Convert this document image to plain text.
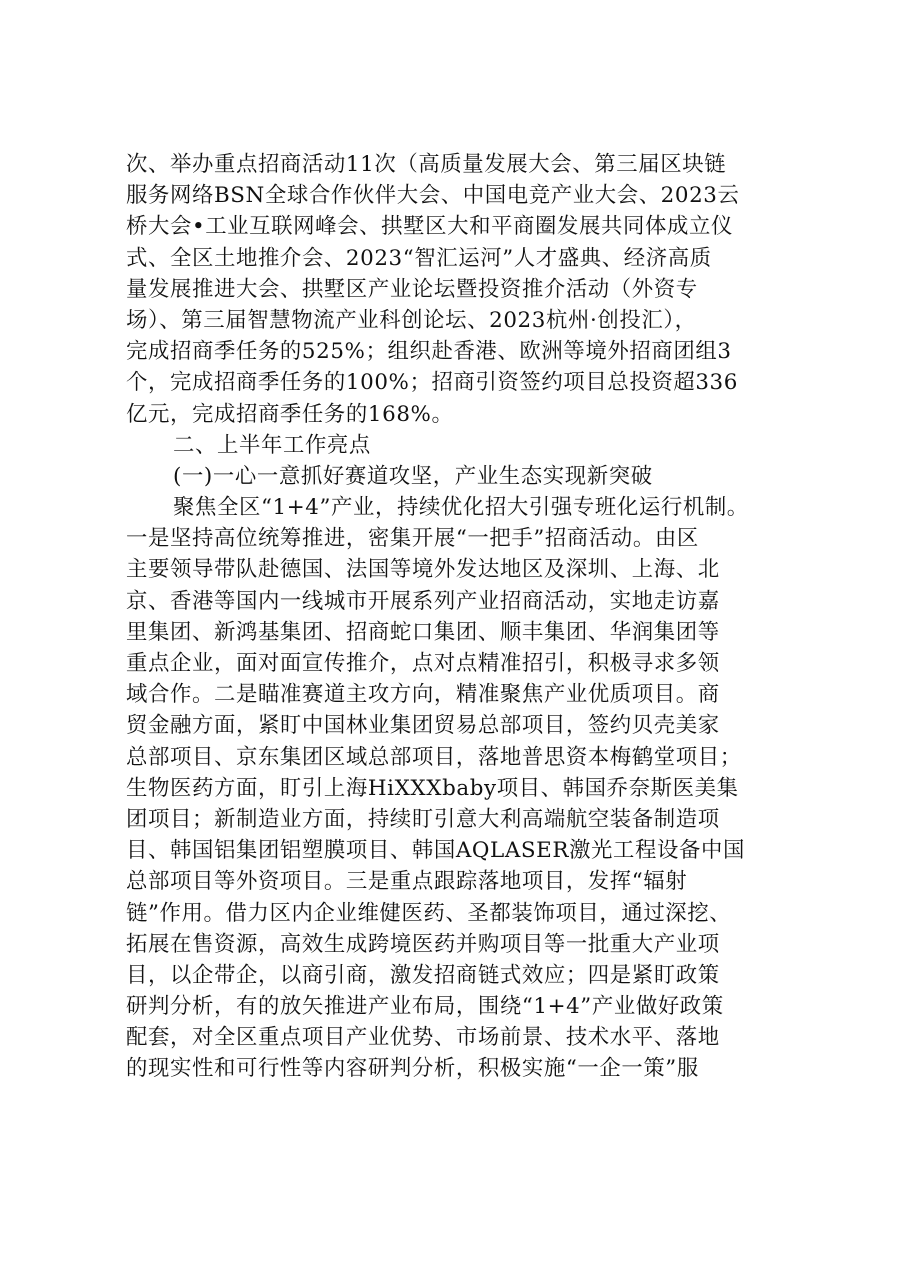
次、举办重点招商活动11次（高质量发展大会、第三届区块链
服务网络BSN全球合作伙伴大会、中国电竞产业大会、2023云
桥大会•工业互联网峰会、拱墅区大和平商圈发展共同体成立仪
式、全区土地推介会、2023“智汇运河”人才盛典、经济高质
量发展推进大会、拱墅区产业论坛暨投资推介活动（外资专
场）、第三届智慧物流产业科创论坛、2023杭州·创投汇），
完成招商季任务的525%；组织赴香港、欧洲等境外招商团组3
个，完成招商季任务的100%；招商引资签约项目总投资超336
亿元，完成招商季任务的168%。
二、上半年工作亮点
(一)一心一意抓好赛道攻坚，产业生态实现新突破
聚焦全区“1+4”产业，持续优化招大引强专班化运行机制。
一是坚持高位统筹推进，密集开展“一把手”招商活动。由区
主要领导带队赴德国、法国等境外发达地区及深圳、上海、北
京、香港等国内一线城市开展系列产业招商活动，实地走访嘉
里集团、新鸿基集团、招商蛇口集团、顺丰集团、华润集团等
重点企业，面对面宣传推介，点对点精准招引，积极寻求多领
域合作。二是瞄准赛道主攻方向，精准聚焦产业优质项目。商
贸金融方面，紧盯中国林业集团贸易总部项目，签约贝壳美家
总部项目、京东集团区域总部项目，落地普思资本梅鹤堂项目；
生物医药方面，盯引上海HiXXXbaby项目、韩国乔奈斯医美集
团项目；新制造业方面，持续盯引意大利高端航空装备制造项
目、韩国铝集团铝塑膜项目、韩国AQLASER激光工程设备中国
总部项目等外资项目。三是重点跟踪落地项目，发挥“辐射
链”作用。借力区内企业维健医药、圣都装饰项目，通过深挖、
拓展在售资源，高效生成跨境医药并购项目等一批重大产业项
目，以企带企，以商引商，激发招商链式效应；四是紧盯政策
研判分析，有的放矢推进产业布局，围绕“1+4”产业做好政策
配套，对全区重点项目产业优势、市场前景、技术水平、落地
的现实性和可行性等内容研判分析，积极实施“一企一策”服
